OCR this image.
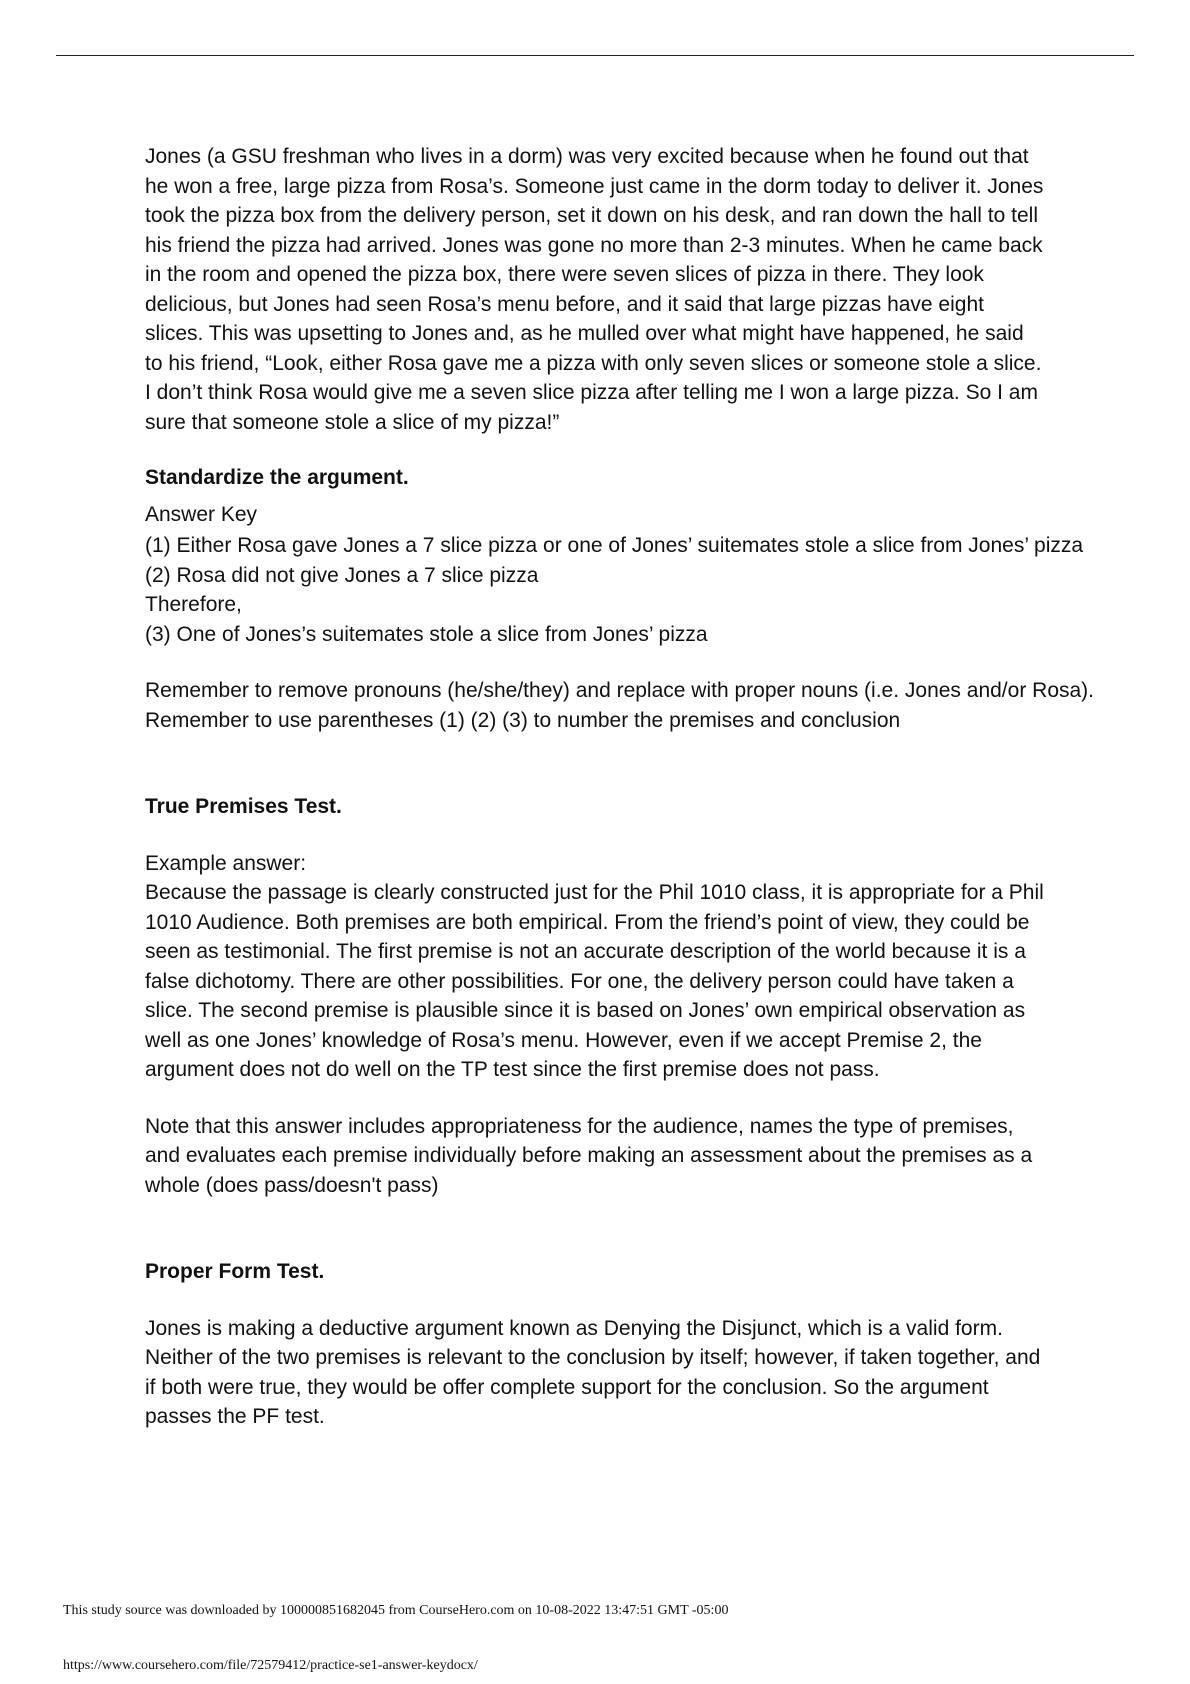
Jones (a GSU freshman who lives in a dorm) was very excited because when he found out that he won a free, large pizza from Rosa’s. Someone just came in the dorm today to deliver it. Jones took the pizza box from the delivery person, set it down on his desk, and ran down the hall to tell his friend the pizza had arrived. Jones was gone no more than 2-3 minutes. When he came back in the room and opened the pizza box, there were seven slices of pizza in there. They look delicious, but Jones had seen Rosa’s menu before, and it said that large pizzas have eight slices. This was upsetting to Jones and, as he mulled over what might have happened, he said to his friend, “Look, either Rosa gave me a pizza with only seven slices or someone stole a slice. I don’t think Rosa would give me a seven slice pizza after telling me I won a large pizza. So I am sure that someone stole a slice of my pizza!”

Standardize the argument.

Answer Key

(1) Either Rosa gave Jones a 7 slice pizza or one of Jones’ suitemates stole a slice from Jones’ pizza

(2) Rosa did not give Jones a 7 slice pizza

Therefore,

(3) One of Jones’s suitemates stole a slice from Jones’ pizza

Remember to remove pronouns (he/she/they) and replace with proper nouns (i.e. Jones and/or Rosa).

Remember to use parentheses (1) (2) (3) to number the premises and conclusion

True Premises Test.

Example answer:

Because the passage is clearly constructed just for the Phil 1010 class, it is appropriate for a Phil 1010 Audience. Both premises are both empirical. From the friend’s point of view, they could be seen as testimonial. The first premise is not an accurate description of the world because it is a false dichotomy. There are other possibilities. For one, the delivery person could have taken a slice. The second premise is plausible since it is based on Jones’ own empirical observation as well as one Jones’ knowledge of Rosa’s menu. However, even if we accept Premise 2, the argument does not do well on the TP test since the first premise does not pass.

Note that this answer includes appropriateness for the audience, names the type of premises, and evaluates each premise individually before making an assessment about the premises as a whole (does pass/doesn't pass)

Proper Form Test.

Jones is making a deductive argument known as Denying the Disjunct, which is a valid form. Neither of the two premises is relevant to the conclusion by itself; however, if taken together, and if both were true, they would be offer complete support for the conclusion. So the argument passes the PF test.

This study source was downloaded by 100000851682045 from CourseHero.com on 10-08-2022 13:47:51 GMT -05:00
https://www.coursehero.com/file/72579412/practice-se1-answer-keydocx/
